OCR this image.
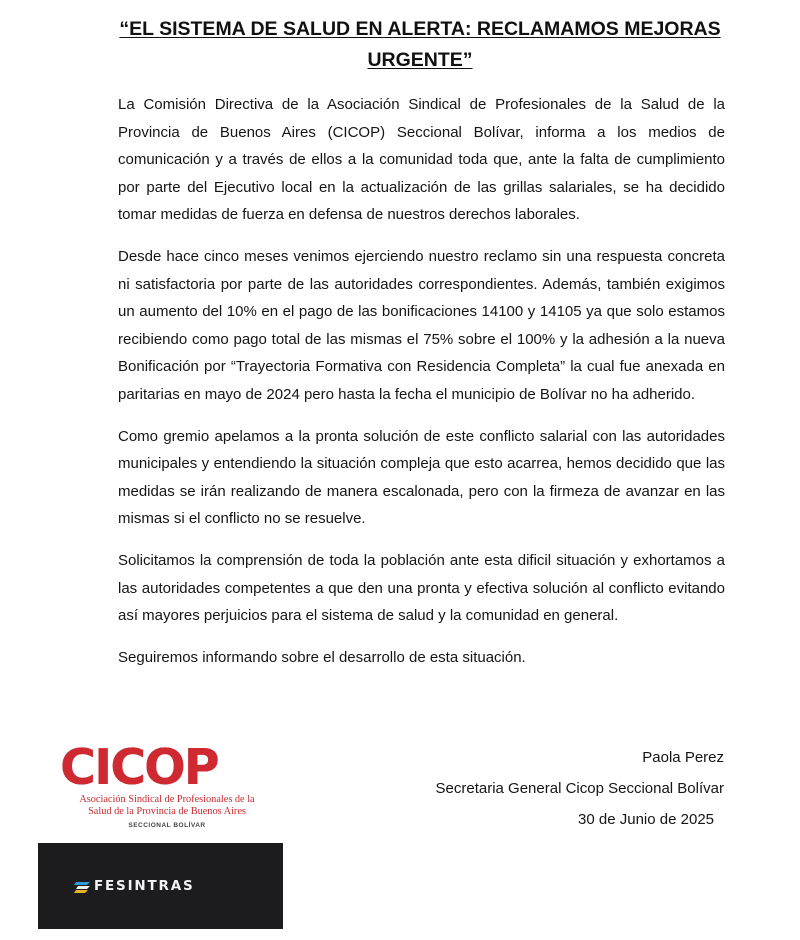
“EL SISTEMA DE SALUD EN ALERTA: RECLAMAMOS MEJORAS URGENTE”

La Comisión Directiva de la Asociación Sindical de Profesionales de la Salud de la Provincia de Buenos Aires (CICOP) Seccional Bolívar, informa a los medios de comunicación y a través de ellos a la comunidad toda que, ante la falta de cumplimiento por parte del Ejecutivo local en la actualización de las grillas salariales, se ha decidido tomar medidas de fuerza en defensa de nuestros derechos laborales.

Desde hace cinco meses venimos ejerciendo nuestro reclamo sin una respuesta concreta ni satisfactoria por parte de las autoridades correspondientes. Además, también exigimos un aumento del 10% en el pago de las bonificaciones 14100 y 14105 ya que solo estamos recibiendo como pago total de las mismas el 75% sobre el 100% y la adhesión a la nueva Bonificación por “Trayectoria Formativa con Residencia Completa” la cual fue anexada en paritarias en mayo de 2024 pero hasta la fecha el municipio de Bolívar no ha adherido.

Como gremio apelamos a la pronta solución de este conflicto salarial con las autoridades municipales y entendiendo la situación compleja que esto acarrea, hemos decidido que las medidas se irán realizando de manera escalonada, pero con la firmeza de avanzar en las mismas si el conflicto no se resuelve.

Solicitamos la comprensión de toda la población ante esta dificil situación y exhortamos a las autoridades competentes a que den una pronta y efectiva solución al conflicto evitando así mayores perjuicios para el sistema de salud y la comunidad en general.

Seguiremos informando sobre el desarrollo de esta situación.

CICOP
Asociación Sindical de Profesionales de la
Salud de la Provincia de Buenos Aires
SECCIONAL BOLÍVAR
FESINTRAS
Paola Perez
Secretaria General Cicop Seccional Bolívar
30 de Junio de 2025
